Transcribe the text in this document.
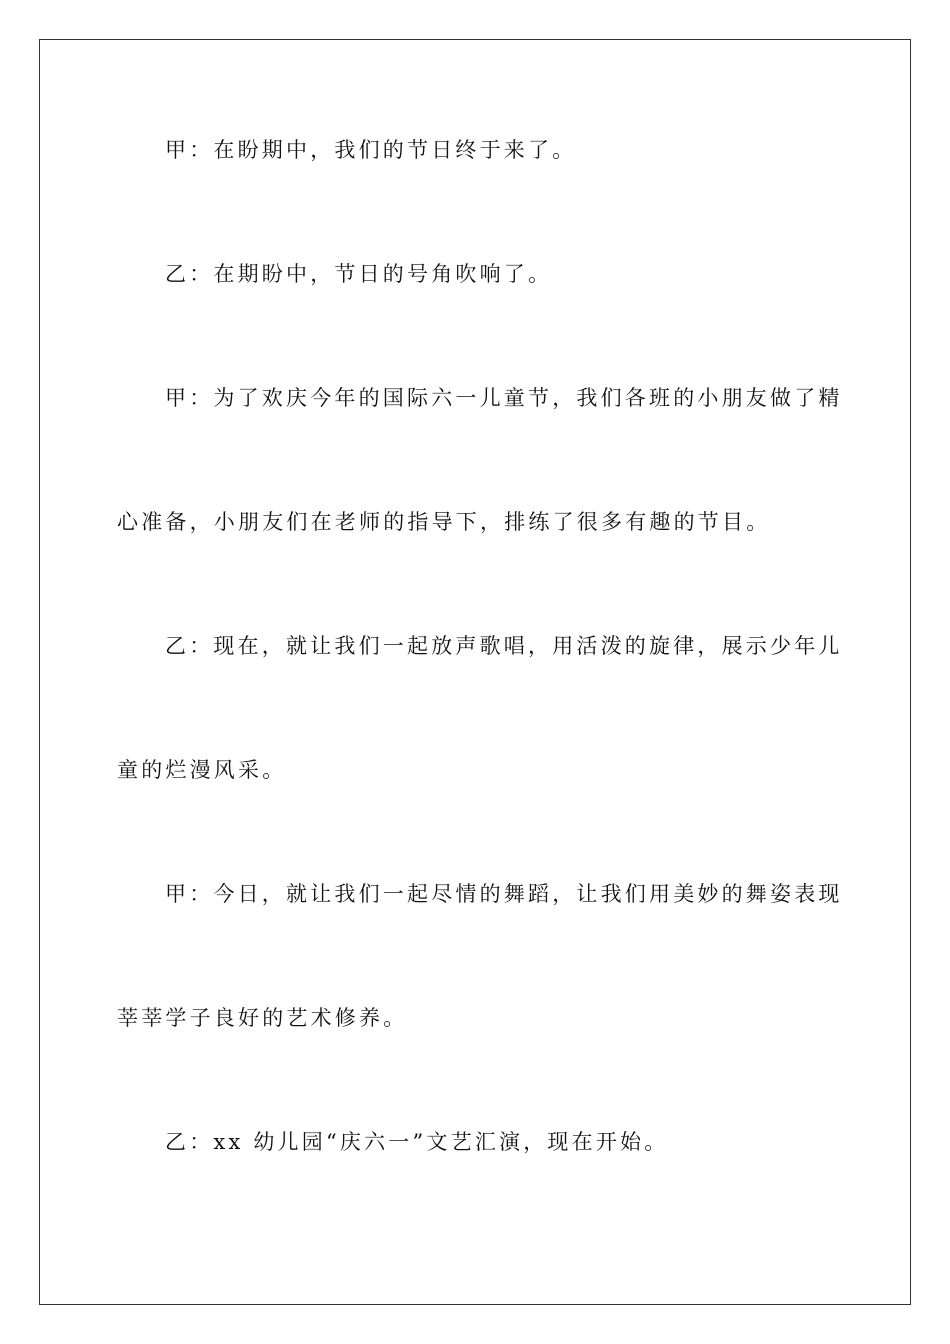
甲：在盼期中，我们的节日终于来了。
乙：在期盼中，节日的号角吹响了。
甲：为了欢庆今年的国际六一儿童节，我们各班的小朋友做了精
心准备，小朋友们在老师的指导下，排练了很多有趣的节目。
乙：现在，就让我们一起放声歌唱，用活泼的旋律，展示少年儿
童的烂漫风采。
甲：今日，就让我们一起尽情的舞蹈，让我们用美妙的舞姿表现
莘莘学子良好的艺术修养。
乙：xx 幼儿园“庆六一”文艺汇演，现在开始。
